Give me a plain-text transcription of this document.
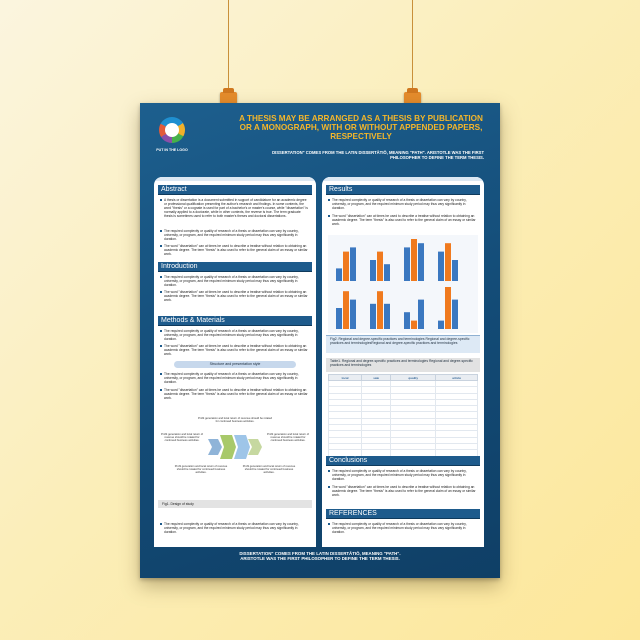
PUT IN THE LOGO
A THESIS MAY BE ARRANGED AS A THESIS BY PUBLICATION OR A MONOGRAPH, WITH OR WITHOUT APPENDED PAPERS, RESPECTIVELY
DISSERTATION" COMES FROM THE LATIN DISSERTĀTIŌ, MEANING "PATH". ARISTOTLE WAS THE FIRST PHILOSOPHER TO DEFINE THE TERM THESIS.
Abstract
A thesis or dissertation is a document submitted in support of candidature for an academic degree or professional qualification presenting the author's research and findings. In some contexts, the word "thesis" or a cognate is used for part of a bachelor's or master's course, while "dissertation" is normally applied to a doctorate, while in other contexts, the reverse is true. The term graduate thesis is sometimes used to refer to both master's theses and doctoral dissertations.
The required complexity or quality of research of a thesis or dissertation can vary by country, university, or program, and the required minimum study period may thus vary significantly in duration.
The word "dissertation" can at times be used to describe a treatise without relation to obtaining an academic degree. The term "thesis" is also used to refer to the general claim of an essay or similar work.
Introduction
The required complexity or quality of research of a thesis or dissertation can vary by country, university, or program, and the required minimum study period may thus vary significantly in duration.
The word "dissertation" can at times be used to describe a treatise without relation to obtaining an academic degree. The term "thesis" is also used to refer to the general claim of an essay or similar work.
Methods & Materials
The required complexity or quality of research of a thesis or dissertation can vary by country, university, or program, and the required minimum study period may thus vary significantly in duration.
The word "dissertation" can at times be used to describe a treatise without relation to obtaining an academic degree. The term "thesis" is also used to refer to the general claim of an essay or similar work.
Structure and presentation style
The required complexity or quality of research of a thesis or dissertation can vary by country, university, or program, and the required minimum study period may thus vary significantly in duration.
The word "dissertation" can at times be used to describe a treatise without relation to obtaining an academic degree. The term "thesis" is also used to refer to the general claim of an essay or similar work.
Profit generation and local return of revenue should be rotated for continued business activities.
Profit generation and local return of revenue should be rotated for continued business activities.
Profit generation and local return of revenue should be rotated for continued business activities.
Profit generation and local return of revenue should be rotated for continued business activities.
Profit generation and local return of revenue should be rotated for continued business activities.
Fig1. Design of study
The required complexity or quality of research of a thesis or dissertation can vary by country, university, or program, and the required minimum study period may thus vary significantly in duration.
Results
The required complexity or quality of research of a thesis or dissertation can vary by country, university, or program, and the required minimum study period may thus vary significantly in duration.
The word "dissertation" can at times be used to describe a treatise without relation to obtaining an academic degree. The term "thesis" is also used to refer to the general claim of an essay or similar work.
Fig2. Regional and degree-specific practices and terminologies Regional and degree-specific practices and terminologiesRegional and degree-specific practices and terminologies
Table1. Regional and degree-specific practices and terminologies Regional and degree-specific practices and terminologies
local	sale	quality	article

Conclusions
The required complexity or quality of research of a thesis or dissertation can vary by country, university, or program, and the required minimum study period may thus vary significantly in duration.
The word "dissertation" can at times be used to describe a treatise without relation to obtaining an academic degree. The term "thesis" is also used to refer to the general claim of an essay or similar work.
REFERENCES
The required complexity or quality of research of a thesis or dissertation can vary by country, university, or program, and the required minimum study period may thus vary significantly in duration.
DISSERTATION" COMES FROM THE LATIN DISSERTĀTIŌ, MEANING "PATH".
ARISTOTLE WAS THE FIRST PHILOSOPHER TO DEFINE THE TERM THESIS.
